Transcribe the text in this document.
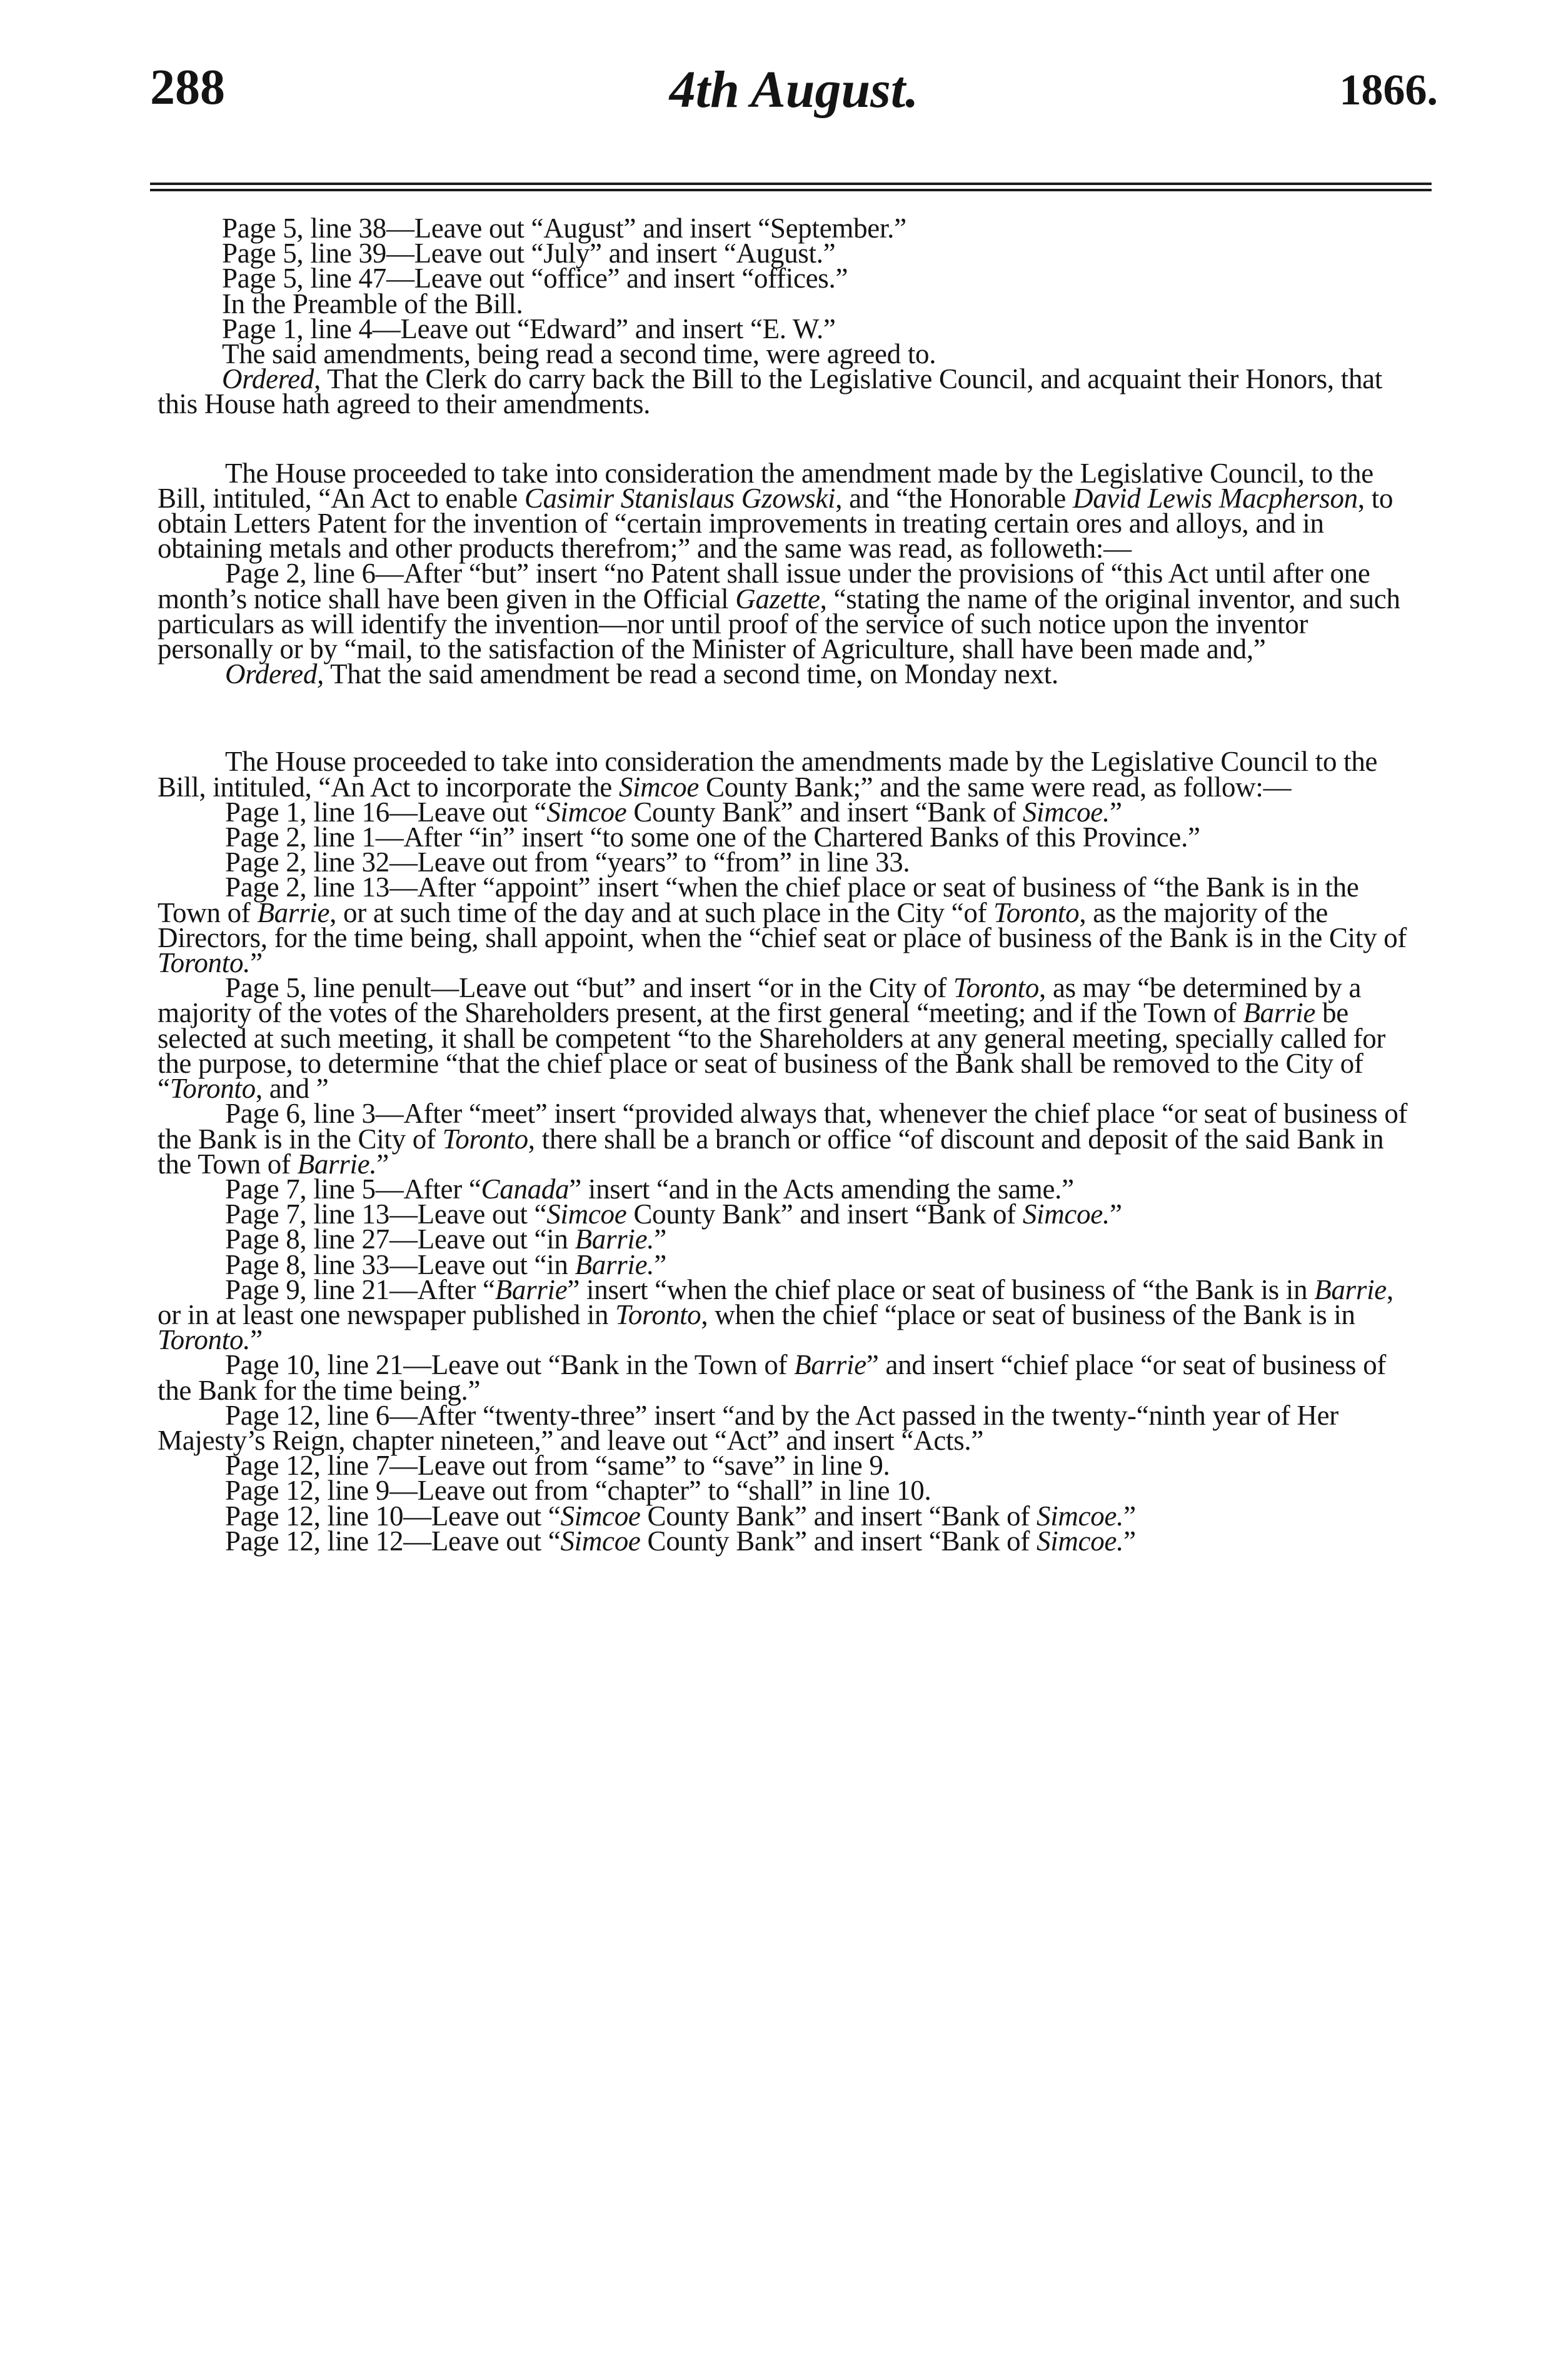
288	4th August.	1866.

Page 5, line 38—Leave out “August” and insert “September.”

Page 5, line 39—Leave out “July” and insert “August.”

Page 5, line 47—Leave out “office” and insert “offices.”

In the Preamble of the Bill.

Page 1, line 4—Leave out “Edward” and insert “E. W.”

The said amendments, being read a second time, were agreed to.

Ordered, That the Clerk do carry back the Bill to the Legislative Council, and acquaint their Honors, that this House hath agreed to their amendments.

The House proceeded to take into consideration the amendment made by the Legislative Council, to the Bill, intituled, “An Act to enable Casimir Stanislaus Gzowski, and “the Honorable David Lewis Macpherson, to obtain Letters Patent for the invention of “certain improvements in treating certain ores and alloys, and in obtaining metals and other products therefrom;” and the same was read, as followeth:—

Page 2, line 6—After “but” insert “no Patent shall issue under the provisions of “this Act until after one month’s notice shall have been given in the Official Gazette, “stating the name of the original inventor, and such particulars as will identify the invention—nor until proof of the service of such notice upon the inventor personally or by “mail, to the satisfaction of the Minister of Agriculture, shall have been made and,”

Ordered, That the said amendment be read a second time, on Monday next.

The House proceeded to take into consideration the amendments made by the Legislative Council to the Bill, intituled, “An Act to incorporate the Simcoe County Bank;” and the same were read, as follow:—

Page 1, line 16—Leave out “Simcoe County Bank” and insert “Bank of Simcoe.”

Page 2, line 1—After “in” insert “to some one of the Chartered Banks of this Province.”

Page 2, line 32—Leave out from “years” to “from” in line 33.

Page 2, line 13—After “appoint” insert “when the chief place or seat of business of “the Bank is in the Town of Barrie, or at such time of the day and at such place in the City “of Toronto, as the majority of the Directors, for the time being, shall appoint, when the “chief seat or place of business of the Bank is in the City of Toronto.”

Page 5, line penult—Leave out “but” and insert “or in the City of Toronto, as may “be determined by a majority of the votes of the Shareholders present, at the first general “meeting; and if the Town of Barrie be selected at such meeting, it shall be competent “to the Shareholders at any general meeting, specially called for the purpose, to determine “that the chief place or seat of business of the Bank shall be removed to the City of “Toronto, and ”

Page 6, line 3—After “meet” insert “provided always that, whenever the chief place “or seat of business of the Bank is in the City of Toronto, there shall be a branch or office “of discount and deposit of the said Bank in the Town of Barrie.”

Page 7, line 5—After “Canada” insert “and in the Acts amending the same.”

Page 7, line 13—Leave out “Simcoe County Bank” and insert “Bank of Simcoe.”

Page 8, line 27—Leave out “in Barrie.”

Page 8, line 33—Leave out “in Barrie.”

Page 9, line 21—After “Barrie” insert “when the chief place or seat of business of “the Bank is in Barrie, or in at least one newspaper published in Toronto, when the chief “place or seat of business of the Bank is in Toronto.”

Page 10, line 21—Leave out “Bank in the Town of Barrie” and insert “chief place “or seat of business of the Bank for the time being.”

Page 12, line 6—After “twenty-three” insert “and by the Act passed in the twenty-“ninth year of Her Majesty’s Reign, chapter nineteen,” and leave out “Act” and insert “Acts.”

Page 12, line 7—Leave out from “same” to “save” in line 9.

Page 12, line 9—Leave out from “chapter” to “shall” in line 10.

Page 12, line 10—Leave out “Simcoe County Bank” and insert “Bank of Simcoe.”

Page 12, line 12—Leave out “Simcoe County Bank” and insert “Bank of Simcoe.”
